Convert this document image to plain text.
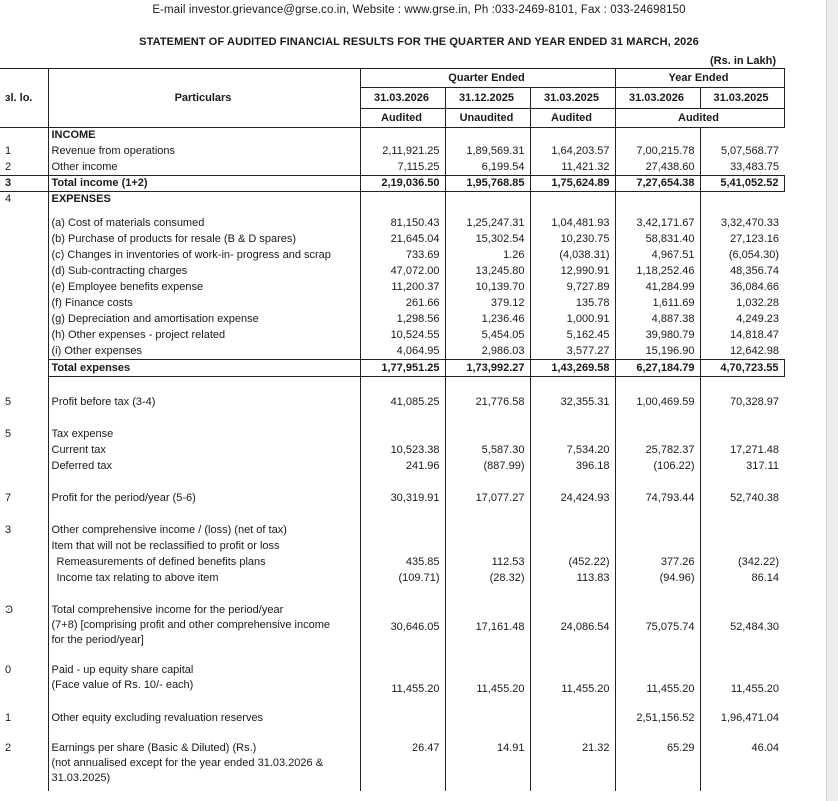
E-mail investor.grievance@grse.co.in, Website : www.grse.in, Ph :033-2469-8101, Fax : 033-24698150
STATEMENT OF AUDITED FINANCIAL RESULTS FOR THE QUARTER AND YEAR ENDED 31 MARCH, 2026
(Rs. in Lakh)
ɜl. lo.	Particulars	Quarter Ended			Year Ended	
		31.03.2026	31.12.2025	31.03.2025	31.03.2026	31.03.2025
		Audited	Unaudited	Audited	Audited	
	INCOME					
1	Revenue from operations	2,11,921.25	1,89,569.31	1,64,203.57	7,00,215.78	5,07,568.77
2	Other income	7,115.25	6,199.54	11,421.32	27,438.60	33,483.75
3	Total income (1+2)	2,19,036.50	1,95,768.85	1,75,624.89	7,27,654.38	5,41,052.52
4	EXPENSES					

	(a) Cost of materials consumed	81,150.43	1,25,247.31	1,04,481.93	3,42,171.67	3,32,470.33
	(b) Purchase of products for resale (B & D spares)	21,645.04	15,302.54	10,230.75	58,831.40	27,123.16
	(c) Changes in inventories of work-in- progress and scrap	733.69	1.26	(4,038.31)	4,967.51	(6,054.30)
	(d) Sub-contracting charges	47,072.00	13,245.80	12,990.91	1,18,252.46	48,356.74
	(e) Employee benefits expense	11,200.37	10,139.70	9,727.89	41,284.99	36,084.66
	(f) Finance costs	261.66	379.12	135.78	1,611.69	1,032.28
	(g) Depreciation and amortisation expense	1,298.56	1,236.46	1,000.91	4,887.38	4,249.23
	(h) Other expenses - project related	10,524.55	5,454.05	5,162.45	39,980.79	14,818.47
	(i) Other expenses	4,064.95	2,986.03	3,577.27	15,196.90	12,642.98
	Total expenses	1,77,951.25	1,73,992.27	1,43,269.58	6,27,184.79	4,70,723.55

5	Profit before tax (3-4)	41,085.25	21,776.58	32,355.31	1,00,469.59	70,328.97

5	Tax expense					
	Current tax	10,523.38	5,587.30	7,534.20	25,782.37	17,271.48
	Deferred tax	241.96	(887.99)	396.18	(106.22)	317.11

7	Profit for the period/year (5-6)	30,319.91	17,077.27	24,424.93	74,793.44	52,740.38

3	Other comprehensive income / (loss) (net of tax)					
	Item that will not be reclassified to profit or loss					
	Remeasurements of defined benefits plans	435.85	112.53	(452.22)	377.26	(342.22)
	Income tax relating to above item	(109.71)	(28.32)	113.83	(94.96)	86.14

Ͽ	Total comprehensive income for the period/year
(7+8) [comprising profit and other comprehensive income
for the period/year]	30,646.05	17,161.48	24,086.54	75,075.74	52,484.30

0	Paid - up equity share capital
(Face value of Rs. 10/- each)	11,455.20	11,455.20	11,455.20	11,455.20	11,455.20

1	Other equity excluding revaluation reserves				2,51,156.52	1,96,471.04

2	Earnings per share (Basic & Diluted) (Rs.)
(not annualised except for the year ended 31.03.2026 &
31.03.2025)	26.47	14.91	21.32	65.29	46.04
